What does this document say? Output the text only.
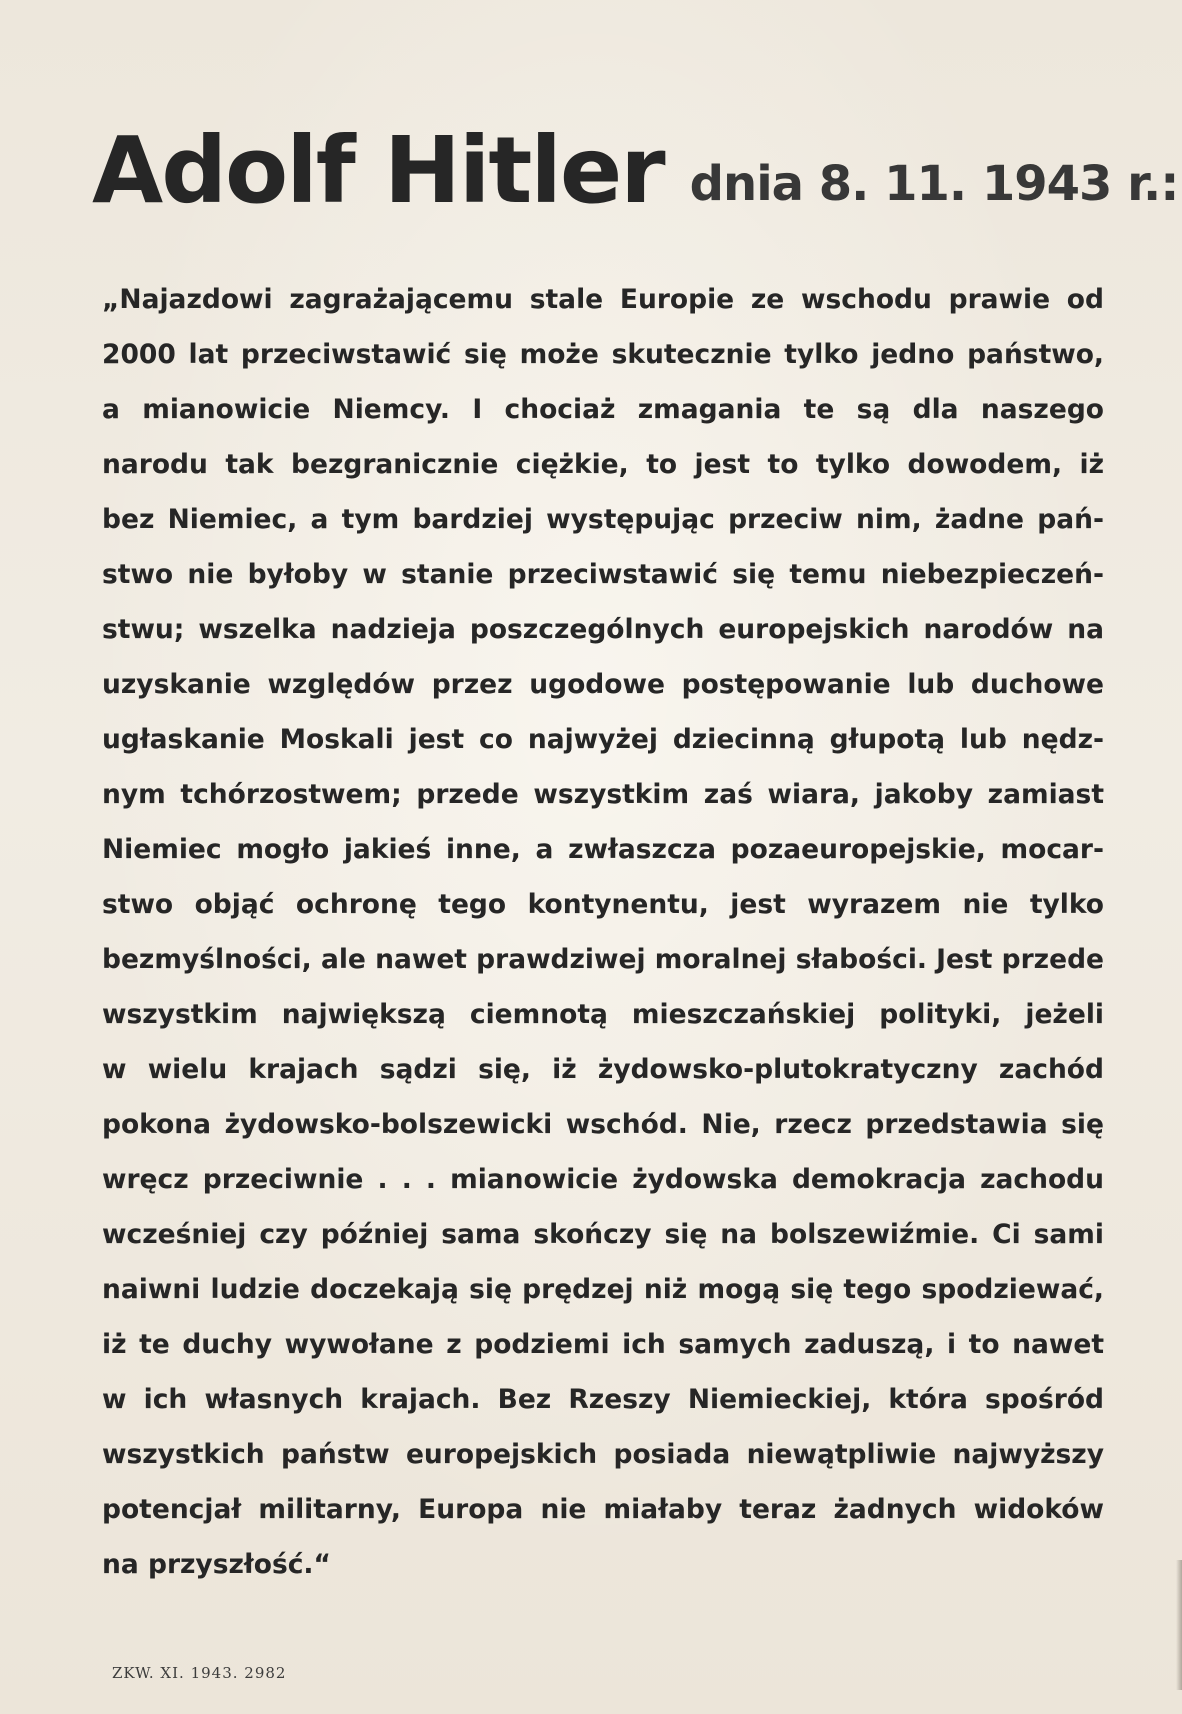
Adolf Hitler dnia 8. 11. 1943 r.:
„Najazdowi zagrażającemu stale Europie ze wschodu prawie od
2000 lat przeciwstawić się może skutecznie tylko jedno państwo,
a mianowicie Niemcy. I chociaż zmagania te są dla naszego
narodu tak bezgranicznie ciężkie, to jest to tylko dowodem, iż
bez Niemiec, a tym bardziej występując przeciw nim, żadne pań-
stwo nie byłoby w stanie przeciwstawić się temu niebezpieczeń-
stwu; wszelka nadzieja poszczególnych europejskich narodów na
uzyskanie względów przez ugodowe postępowanie lub duchowe
ugłaskanie Moskali jest co najwyżej dziecinną głupotą lub nędz-
nym tchórzostwem; przede wszystkim zaś wiara, jakoby zamiast
Niemiec mogło jakieś inne, a zwłaszcza pozaeuropejskie, mocar-
stwo objąć ochronę tego kontynentu, jest wyrazem nie tylko
bezmyślności, ale nawet prawdziwej moralnej słabości. Jest przede
wszystkim największą ciemnotą mieszczańskiej polityki, jeżeli
w wielu krajach sądzi się, iż żydowsko-plutokratyczny zachód
pokona żydowsko-bolszewicki wschód. Nie, rzecz przedstawia się
wręcz przeciwnie . . . mianowicie żydowska demokracja zachodu
wcześniej czy później sama skończy się na bolszewiźmie. Ci sami
naiwni ludzie doczekają się prędzej niż mogą się tego spodziewać,
iż te duchy wywołane z podziemi ich samych zaduszą, i to nawet
w ich własnych krajach. Bez Rzeszy Niemieckiej, która spośród
wszystkich państw europejskich posiada niewątpliwie najwyższy
potencjał militarny, Europa nie miałaby teraz żadnych widoków
na przyszłość.“
ZKW. XI. 1943. 2982
